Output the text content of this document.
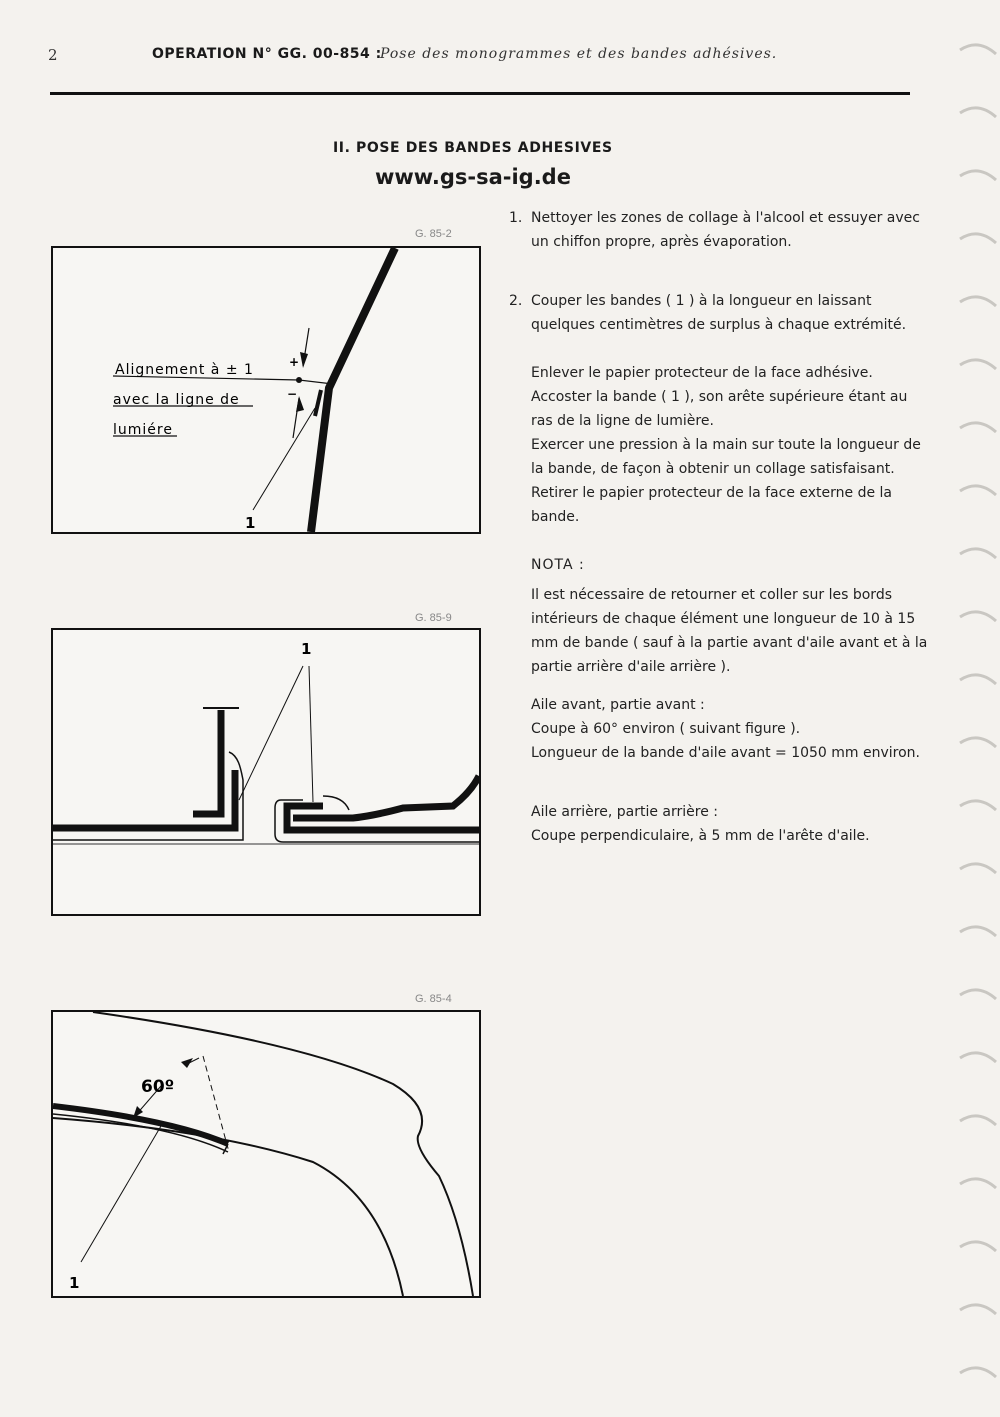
2	OPERATION N° GG. 00-854 :
Pose des monogrammes et des bandes adhésives.
II. POSE DES BANDES ADHESIVES
www.gs-sa-ig.de
G. 85-2
+
−
Alignement à ± 1
avec la ligne de
lumiére
1
G. 85-9
1
G. 85-4
60º
1
1. Nettoyer les zones de collage à l'alcool et essuyer avec un chiffon propre, après évaporation.

2. Couper les bandes ( 1 ) à la longueur en laissant quelques centimètres de surplus à chaque extrémité.

Enlever le papier protecteur de la face adhésive.

Accoster la bande ( 1 ), son arête supérieure étant au ras de la ligne de lumière.

Exercer une pression à la main sur toute la longueur de la bande, de façon à obtenir un collage satisfaisant.

Retirer le papier protecteur de la face externe de la bande.

NOTA :

Il est nécessaire de retourner et coller sur les bords intérieurs de chaque élément une longueur de 10 à 15 mm de bande ( sauf à la partie avant d'aile avant et à la partie arrière d'aile arrière ).

Aile avant, partie avant :

Coupe à 60° environ ( suivant figure ).

Longueur de la bande d'aile avant = 1050 mm environ.

Aile arrière, partie arrière :

Coupe perpendiculaire, à 5 mm de l'arête d'aile.
